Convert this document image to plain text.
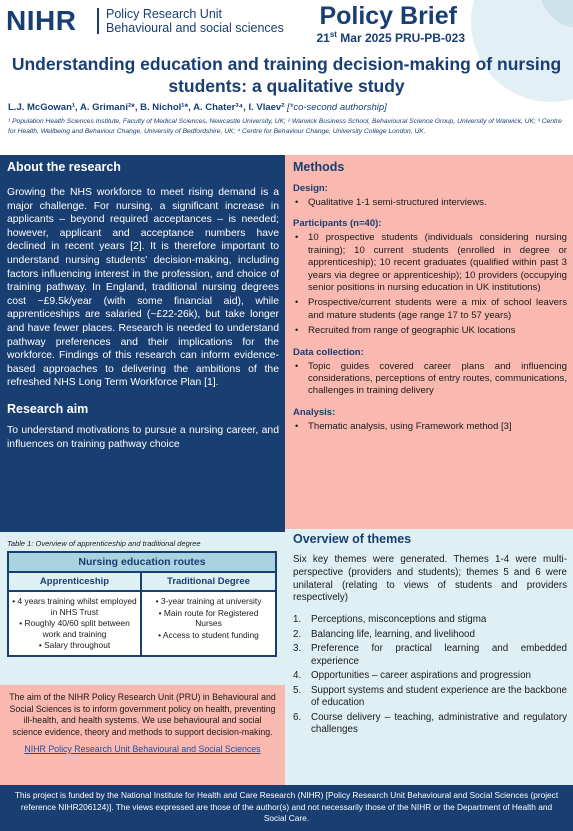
NIHR Policy Research Unit
Behavioural and social sciences Policy Brief
21st Mar 2025 PRU-PB-023
Understanding education and training decision-making of nursing students: a qualitative study
L.J. McGowan¹, A. Grimani²*, B. Nichol¹*, A. Chater³⁴, I. Vlaev² [*co-second authorship]
¹ Population Health Sciences Institute, Faculty of Medical Sciences, Newcastle University, UK; ² Warwick Business School, Behavioural Science Group, University of Warwick, UK; ³ Centre for Health, Wellbeing and Behaviour Change, University of Bedfordshire, UK; ⁴ Centre for Behaviour Change, University College London, UK.
About the research
Growing the NHS workforce to meet rising demand is a major challenge. For nursing, a significant increase in applicants – beyond required acceptances – is needed; however, applicant and acceptance numbers have declined in recent years [2]. It is therefore important to understand nursing students' decision-making, including factors influencing interest in the profession, and choice of training pathway. In England, traditional nursing degrees cost ~£9.5k/year (with some financial aid), while apprenticeships are salaried (~£22-26k), but take longer and have fewer places. Research is needed to understand pathway preferences and their implications for the workforce. Findings of this research can inform evidence-based approaches to delivering the ambitions of the refreshed NHS Long Term Workforce Plan [1].
Research aim
To understand motivations to pursue a nursing career, and influences on training pathway choice
Table 1: Overview of apprenticeship and traditional degree
Nursing education routes
Apprenticeship
• 4 years training whilst employed in NHS Trust
• Roughly 40/60 split between work and training
• Salary throughout
Traditional Degree
• 3-year training at university
• Main route for Registered Nurses
• Access to student funding
The aim of the NIHR Policy Research Unit (PRU) in Behavioural and Social Sciences is to inform government policy on health, preventing ill-health, and health systems. We use behavioural and social science evidence, theory and methods to support decision-making.
NIHR Policy Research Unit Behavioural and Social Sciences
Methods
Design:
• Qualitative 1-1 semi-structured interviews.
Participants (n=40):
• 10 prospective students (individuals considering nursing training); 10 current students (enrolled in degree or apprenticeship); 10 recent graduates (qualified within past 3 years via degree or apprenticeship); 10 providers (occupying senior positions in nursing education in UK institutions)
• Prospective/current students were a mix of school leavers and mature students (age range 17 to 57 years)
• Recruited from range of geographic UK locations
Data collection:
• Topic guides covered career plans and influencing considerations, perceptions of entry routes, communications, challenges in training delivery
Analysis:
• Thematic analysis, using Framework method [3]
Overview of themes
Six key themes were generated. Themes 1-4 were multi-perspective (providers and students); themes 5 and 6 were unilateral (relating to views of students and providers respectively)
1. Perceptions, misconceptions and stigma
2. Balancing life, learning, and livelihood
3. Preference for practical learning and embedded experience
4. Opportunities – career aspirations and progression
5. Support systems and student experience are the backbone of education
6. Course delivery – teaching, administrative and regulatory challenges
This project is funded by the National Institute for Health and Care Research (NIHR) [Policy Research Unit Behavioural and Social Sciences (project reference NIHR206124)]. The views expressed are those of the author(s) and not necessarily those of the NIHR or the Department of Health and Social Care.
